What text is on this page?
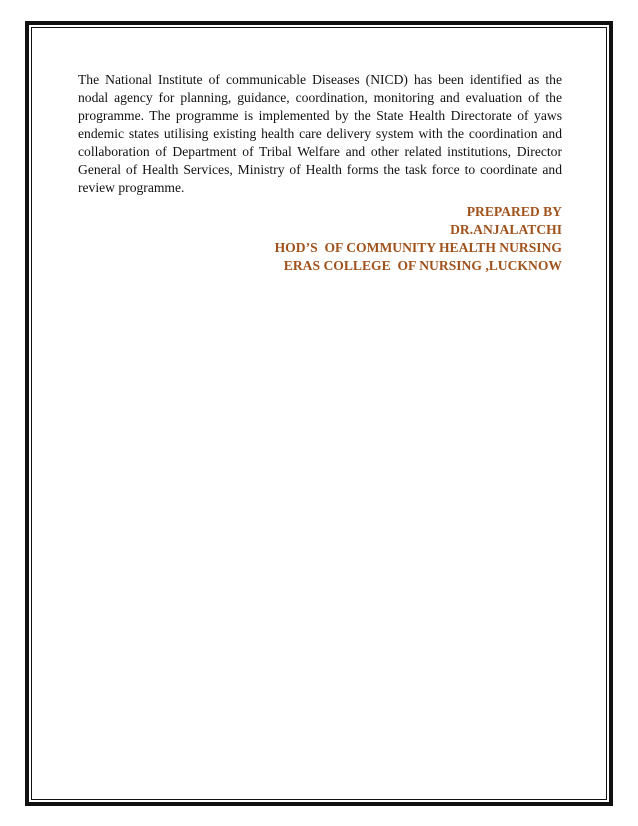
The National Institute of communicable Diseases (NICD) has been identified as the nodal agency for planning, guidance, coordination, monitoring and evaluation of the programme. The programme is implemented by the State Health Directorate of yaws endemic states utilising existing health care delivery system with the coordination and collaboration of Department of Tribal Welfare and other related institutions, Director General of Health Services, Ministry of Health forms the task force to coordinate and review programme.

PREPARED BY
DR.ANJALATCHI
HOD’S  OF COMMUNITY HEALTH NURSING
ERAS COLLEGE  OF NURSING ,LUCKNOW
